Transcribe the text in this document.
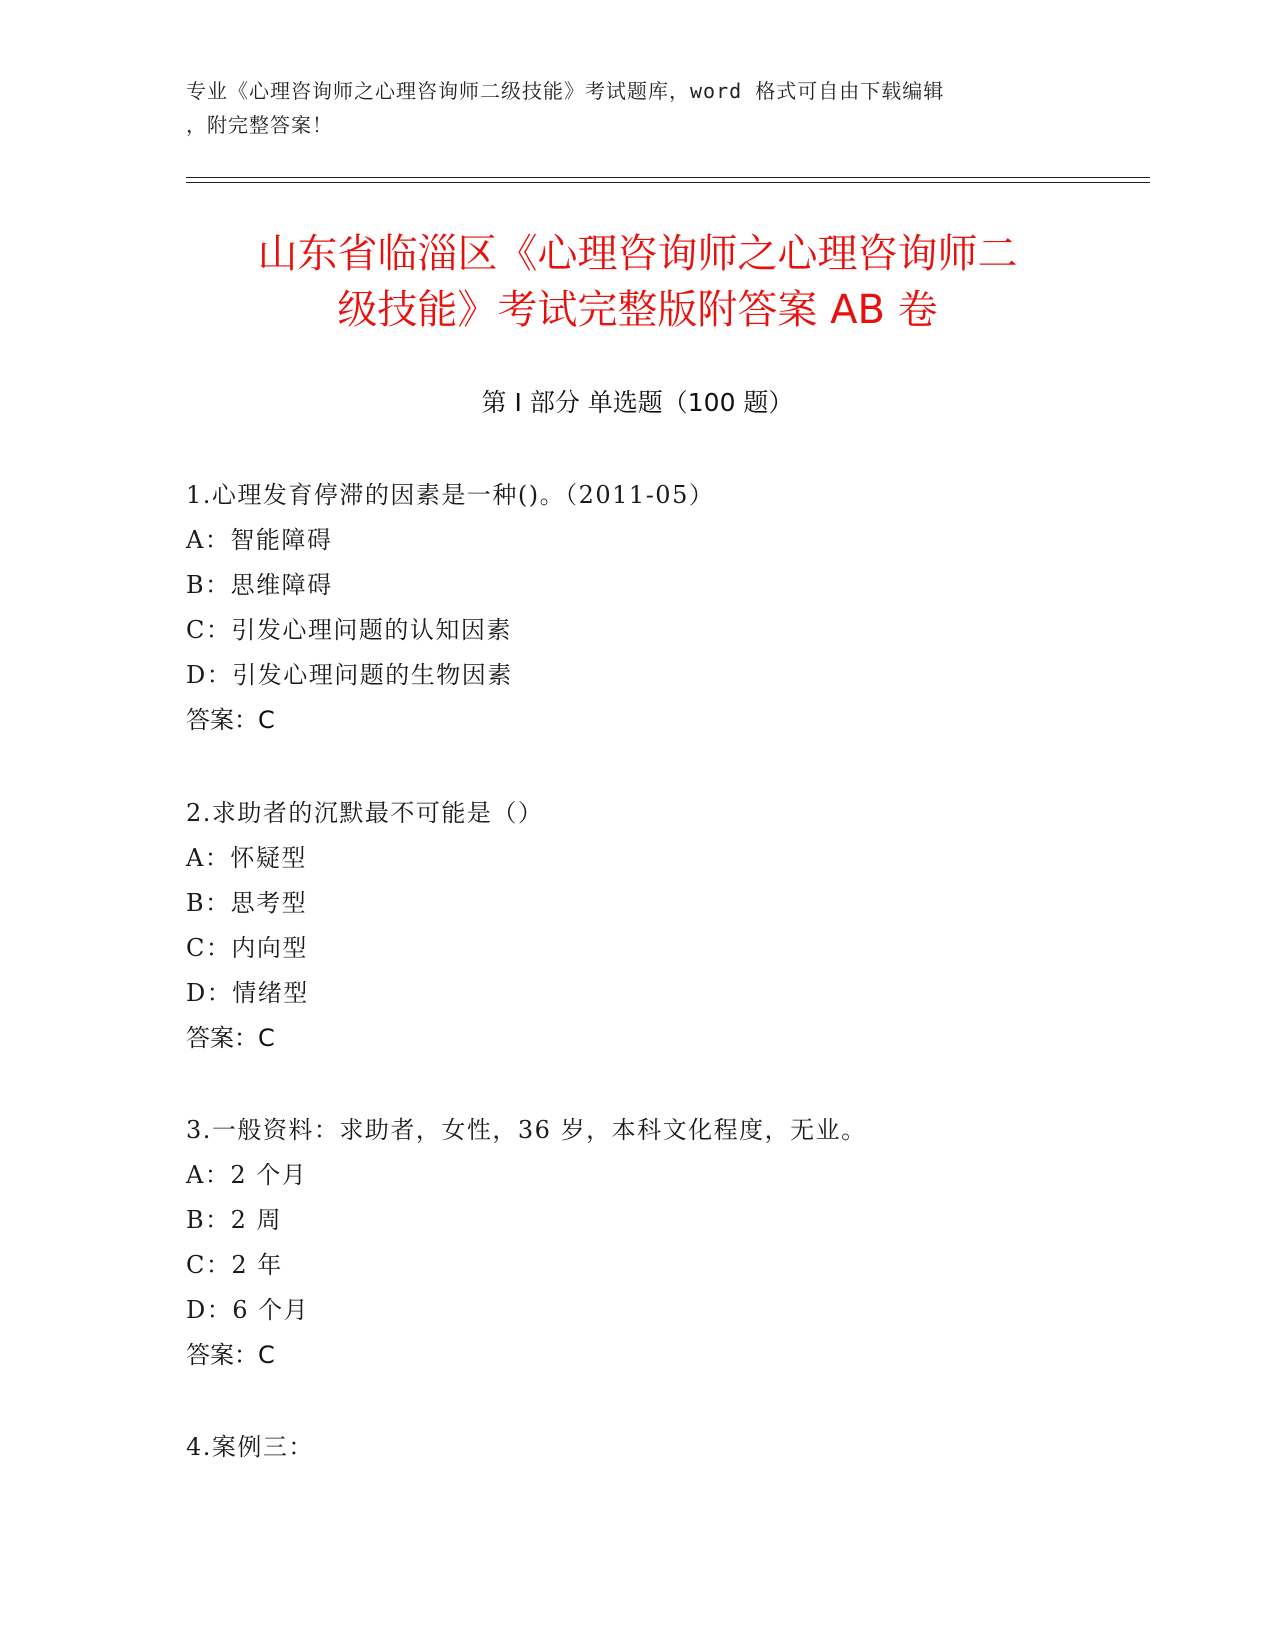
专业《心理咨询师之心理咨询师二级技能》考试题库，word 格式可自由下载编辑
，附完整答案！
山东省临淄区《心理咨询师之心理咨询师二
级技能》考试完整版附答案 AB 卷
第 I 部分 单选题（100 题）
1.心理发育停滞的因素是一种()。（2011-05）
A：智能障碍
B：思维障碍
C：引发心理问题的认知因素
D：引发心理问题的生物因素
答案：C
2.求助者的沉默最不可能是（）
A：怀疑型
B：思考型
C：内向型
D：情绪型
答案：C
3.一般资料：求助者，女性，36 岁，本科文化程度，无业。
A：2 个月
B：2 周
C：2 年
D：6 个月
答案：C
4.案例三：
